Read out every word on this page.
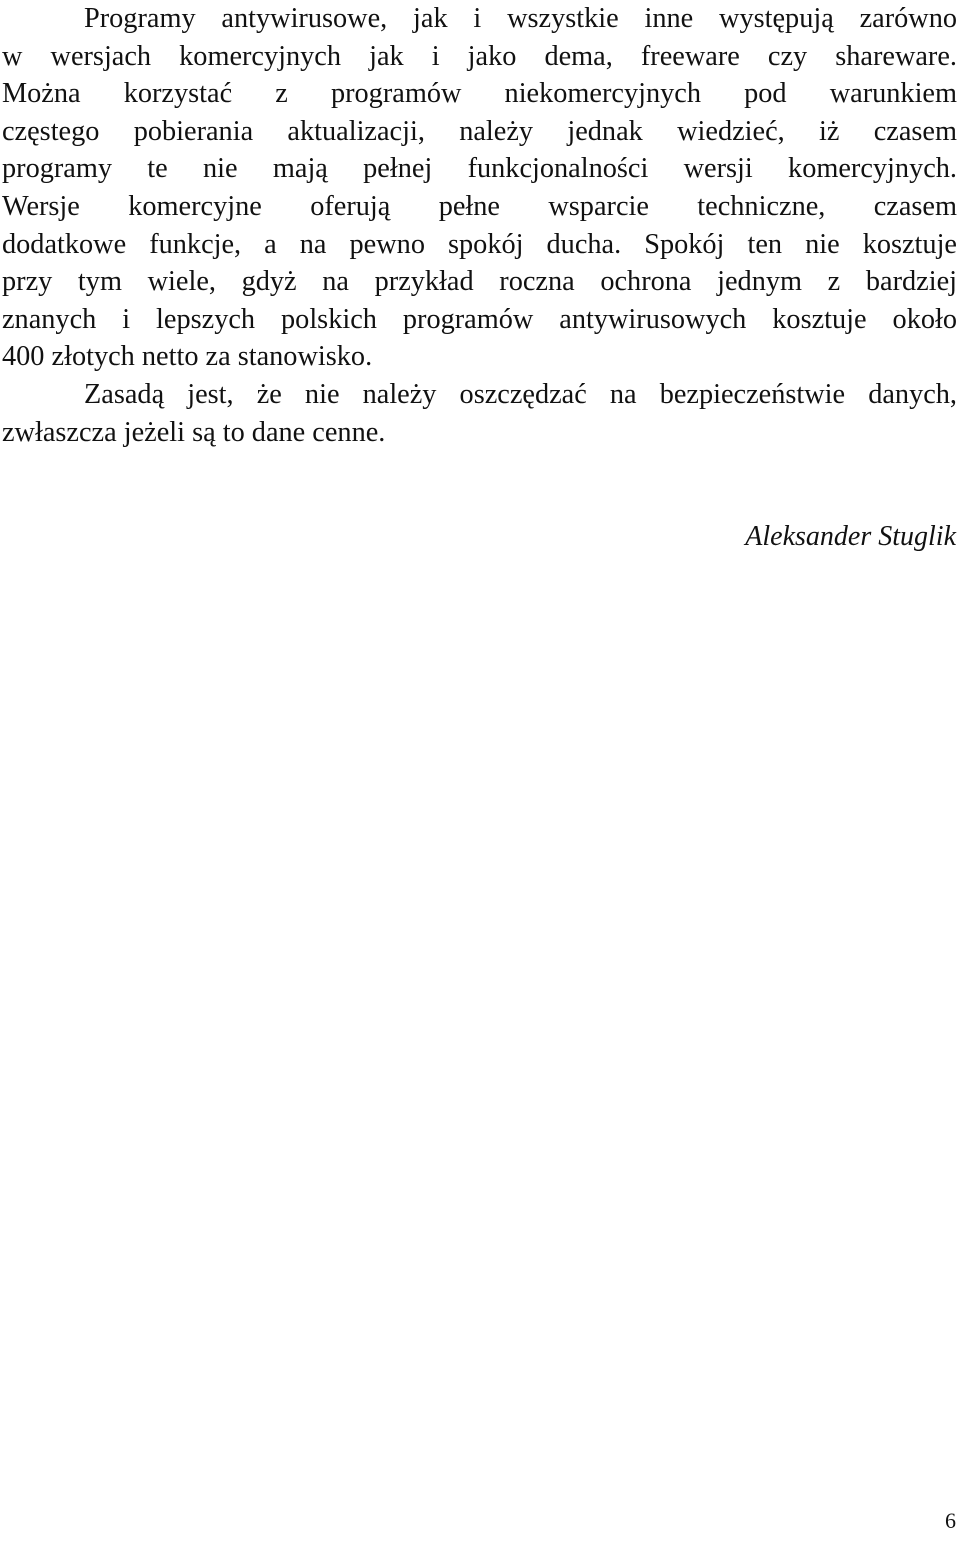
Programy antywirusowe, jak i wszystkie inne występują zarówno
w wersjach komercyjnych jak i jako dema, freeware czy shareware.
Można korzystać z programów niekomercyjnych pod warunkiem
częstego pobierania aktualizacji, należy jednak wiedzieć, iż czasem
programy te nie mają pełnej funkcjonalności wersji komercyjnych.
Wersje komercyjne oferują pełne wsparcie techniczne, czasem
dodatkowe funkcje, a na pewno spokój ducha. Spokój ten nie kosztuje
przy tym wiele, gdyż na przykład roczna ochrona jednym z bardziej
znanych i lepszych polskich programów antywirusowych kosztuje około
400 złotych netto za stanowisko.
Zasadą jest, że nie należy oszczędzać na bezpieczeństwie danych,
zwłaszcza jeżeli są to dane cenne.
Aleksander Stuglik
6
